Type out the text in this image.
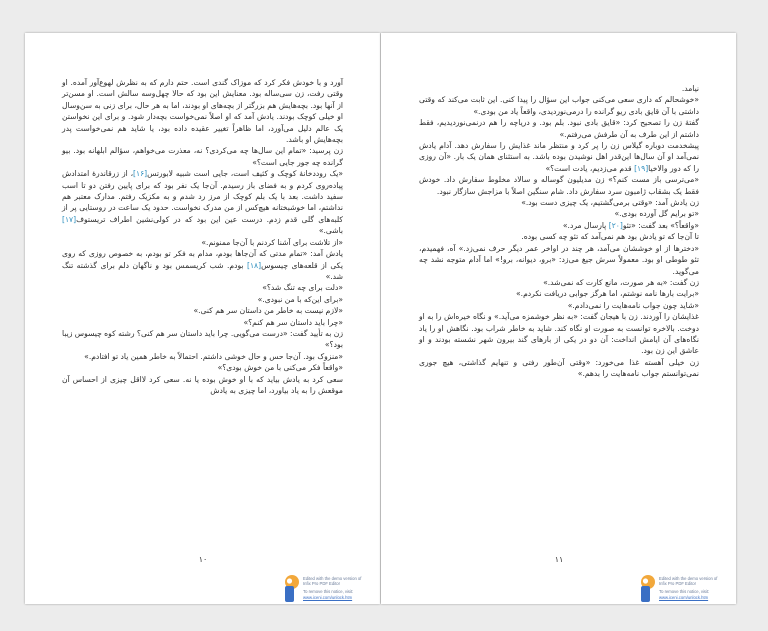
آورد و با خودش فکر کرد که موزاک گندی است. حتم دارم که به نظرش لهوع‌آور آمده. او وقتی رفت، زن سی‌ساله بود. معنایش این بود که حالا چهل‌وسه سالش است. او مسن‌تر از آنها بود. بچه‌هایش هم بزرگتر از بچه‌های او بودند، اما به هر حال، برای زنی به سن‌وسال او خیلی کوچک بودند. یادش آمد که او اصلاً نمی‌خواست بچه‌دار شود. و برای این نخواستن یک عالم دلیل می‌آورد، اما ظاهراً تغییر عقیده داده بود، یا شاید هم نمی‌خواست پدر بچه‌هایش او باشد.

زن پرسید: «تمام این سال‌ها چه می‌کردی؟ نه، معذرت می‌خواهم، سؤالم ابلهانه بود. بیو گرانده چه جور جایی است؟»

«یک روددخانهٔ کوچک و کثیف است، جایی است شبیه لابورتس[۱۶]، از زرقاندرهٔ امتدادش پیاده‌روی کردم و به فضای باز رسیدم. آن‌جا یک نفر بود که برای پایین رفتن دو تا اسب سفید داشت. بعد با یک بلم کوچک از مرز رد شدم و به مکزیک رفتم. مدارک معتبر هم نداشتم، اما خوشبختانه هیچ‌کس از من مدرک نخواست. حدود یک ساعت در روستایی پر از کلبه‌های گلی قدم زدم. درست عین این بود که در کولی‌نشین اطراف تریستوف[۱۷] باشی.»

«از تلاشت برای آشنا کردنم با آن‌جا ممنونم.»

یادش آمد: «تمام مدتی که آن‌جاها بودم، مدام به فکر تو بودم، به خصوص روزی که روی یکی از قلعه‌های چیسوس[۱۸] بودم. شب کریسمس بود و ناگهان دلم برای گذشته تنگ شد.»

«دلت برای چه تنگ شد؟»

«برای این‌که با من نبودی.»

«لازم نیست به خاطر من داستان سر هم کنی.»

«چرا باید داستان سر هم کنم؟»

زن به تأیید گفت: «درست می‌گویی. چرا باید داستان سر هم کنی؟ رشته کوه چیسوس زیبا بود؟»

«منزوک بود. آن‌جا حس و حال خوشی داشتم. احتمالاً به خاطر همین یاد تو افتادم.»

«واقعاً فکر می‌کنی با من خوش بودی؟»

سعی کرد به یادش بیاید که با او خوش بوده یا نه. سعی کرد لااقل چیزی از احساس آن موقعش را به یاد بیاورد، اما چیزی به یادش

۱۰
Edited with the demo version of
Infix Pro PDF Editor
To remove this notice, visit:
www.iceni.com/unlock.htm

نیامد.

«خوشحالم که داری سعی می‌کنی جواب این سؤال را پیدا کنی. این ثابت می‌کند که وقتی داشتی با آن قایق بادی ریو گرانده را درمی‌نوردیدی، واقعاً یاد من بودی.»

گفتهٔ زن را تصحیح کرد: «قایق بادی نبود. بلم بود. و دریاچه را هم درنمی‌نوردیدیم، فقط داشتم از این طرف به آن طرفش می‌رفتم.»

پیشخدمت دوباره گیلاس زن را پر کرد و منتظر ماند غذایش را سفارش دهد. آدام یادش نمی‌آمد او آن سال‌ها این‌قدر اهل نوشیدن بوده باشد. به استثنای همان یک بار. «آن روزی را که دور والاخیا[۱۹] قدم می‌زدیم، یادت است؟»

«می‌ترسی باز مست کنم؟» زن مدیلیون گوساله و سالاد مخلوط سفارش داد. خودش فقط یک بشقاب ژامبون سرد سفارش داد. شام سنگین اصلاً با مزاجش سازگار نبود.

زن یادش آمد: «وقتی برمی‌گشتیم، یک چیزی دست بود.»

«تو برایم گل آورده بودی.»

«واقعاً؟» بعد گفت: «تئو[۲۰] پارسال مرد.»

تا آن‌جا که تو یادش بود هم نمی‌آمد که تئو چه کسی بوده.

«دخترها از او خوششان می‌آمد، هر چند در اواخر عمر دیگر حرف نمی‌زد.» آه، فهمیدم، تئو طوطی او بود. معمولاً سرش جیغ می‌زد: «برو، دیوانه، برو!» اما آدام متوجه نشد چه می‌گوید.

زن گفت: «به هر صورت، مانع کارت که نمی‌شد.»

«برایت بارها نامه نوشتم، اما هرگز جوابی دریافت نکردم.»

«شاید چون جواب نامه‌هایت را نمی‌دادم.»

غذایشان را آوردند. زن با هیجان گفت: «به نظر خوشمزه می‌آید.» و نگاه خیره‌اش را به او دوخت. بالاخره توانست به صورت او نگاه کند. شاید به خاطر شراب بود. نگاهش او را یاد نگاه‌های آن ایامش انداخت: آن دو در یکی از بارهای گند بیرون شهر نشسته بودند و او عاشق این زن بود.

زن خیلی آهسته غذا می‌خورد: «وقتی آن‌طور رفتی و تنهایم گذاشتی، هیچ جوری نمی‌توانستم جواب نامه‌هایت را بدهم.»

۱۱
Edited with the demo version of
Infix Pro PDF Editor
To remove this notice, visit:
www.iceni.com/unlock.htm
